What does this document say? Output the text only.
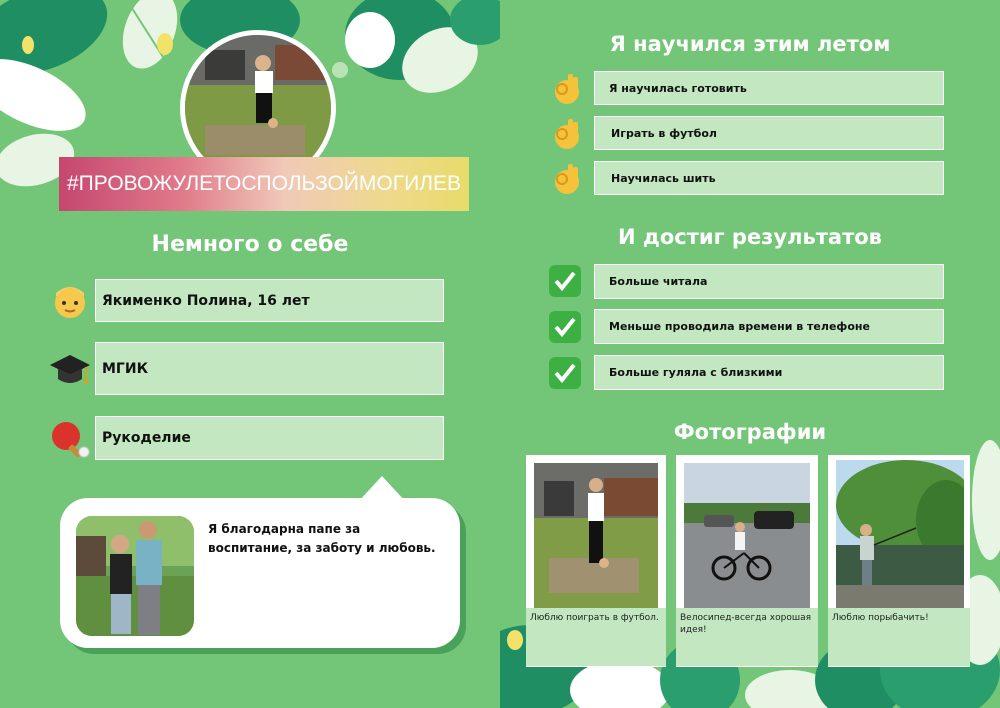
#ПРОВОЖУЛЕТОСПОЛЬЗОЙМОГИЛЕВ
Немного о себе
Якименко Полина, 16 лет
МГИК
Рукоделие
Я благодарна папе за воспитание, за заботу и любовь.
Я научился этим летом
Я научилась готовить
Играть в футбол
Научилась шить
И достиг результатов
Больше читала
Меньше проводила времени в телефоне
Больше гуляла с близкими
Фотографии
Люблю поиграть в футбол.	Велосипед-всегда хорошая идея!
Люблю порыбачить!
